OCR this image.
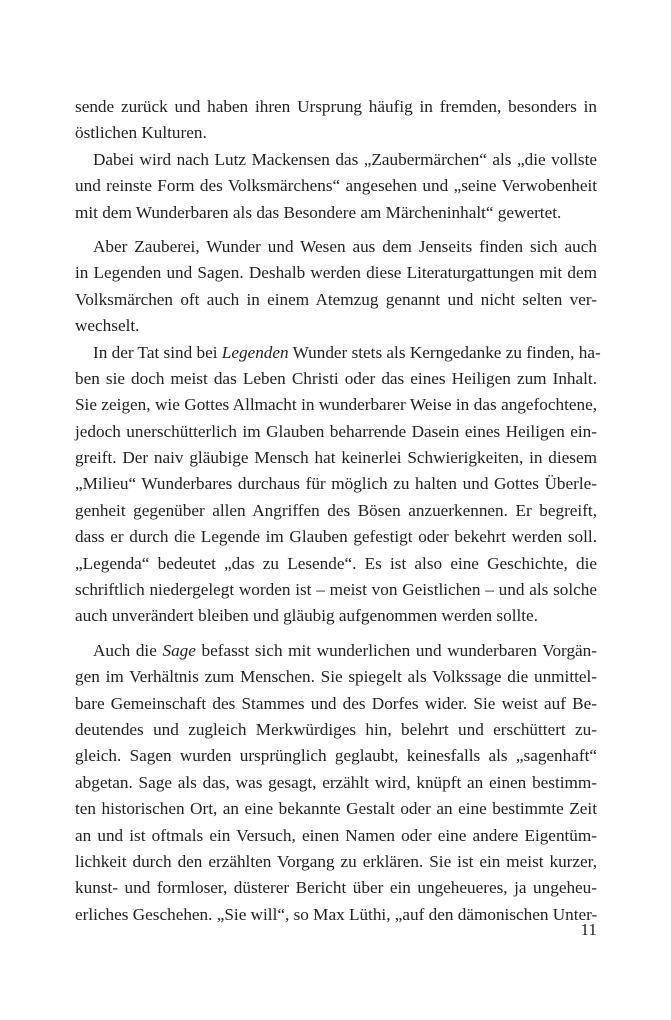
sende zurück und haben ihren Ursprung häufig in fremden, besonders in
östlichen Kulturen.
Dabei wird nach Lutz Mackensen das „Zaubermärchen“ als „die vollste
und reinste Form des Volksmärchens“ angesehen und „seine Verwobenheit
mit dem Wunderbaren als das Besondere am Märcheninhalt“ gewertet.
Aber Zauberei, Wunder und Wesen aus dem Jenseits finden sich auch
in Legenden und Sagen. Deshalb werden diese Literaturgattungen mit dem
Volksmärchen oft auch in einem Atemzug genannt und nicht selten ver-
wechselt.
In der Tat sind bei Legenden Wunder stets als Kerngedanke zu finden, ha-
ben sie doch meist das Leben Christi oder das eines Heiligen zum Inhalt.
Sie zeigen, wie Gottes Allmacht in wunderbarer Weise in das angefochtene,
jedoch unerschütterlich im Glauben beharrende Dasein eines Heiligen ein-
greift. Der naiv gläubige Mensch hat keinerlei Schwierigkeiten, in diesem
„Milieu“ Wunderbares durchaus für möglich zu halten und Gottes Überle-
genheit gegenüber allen Angriffen des Bösen anzuerkennen. Er begreift,
dass er durch die Legende im Glauben gefestigt oder bekehrt werden soll.
„Legenda“ bedeutet „das zu Lesende“. Es ist also eine Geschichte, die
schriftlich niedergelegt worden ist – meist von Geistlichen – und als solche
auch unverändert bleiben und gläubig aufgenommen werden sollte.
Auch die Sage befasst sich mit wunderlichen und wunderbaren Vorgän-
gen im Verhältnis zum Menschen. Sie spiegelt als Volkssage die unmittel-
bare Gemeinschaft des Stammes und des Dorfes wider. Sie weist auf Be-
deutendes und zugleich Merkwürdiges hin, belehrt und erschüttert zu-
gleich. Sagen wurden ursprünglich geglaubt, keinesfalls als „sagenhaft“
abgetan. Sage als das, was gesagt, erzählt wird, knüpft an einen bestimm-
ten historischen Ort, an eine bekannte Gestalt oder an eine bestimmte Zeit
an und ist oftmals ein Versuch, einen Namen oder eine andere Eigentüm-
lichkeit durch den erzählten Vorgang zu erklären. Sie ist ein meist kurzer,
kunst- und formloser, düsterer Bericht über ein ungeheueres, ja ungeheu-
erliches Geschehen. „Sie will“, so Max Lüthi, „auf den dämonischen Unter-
11
